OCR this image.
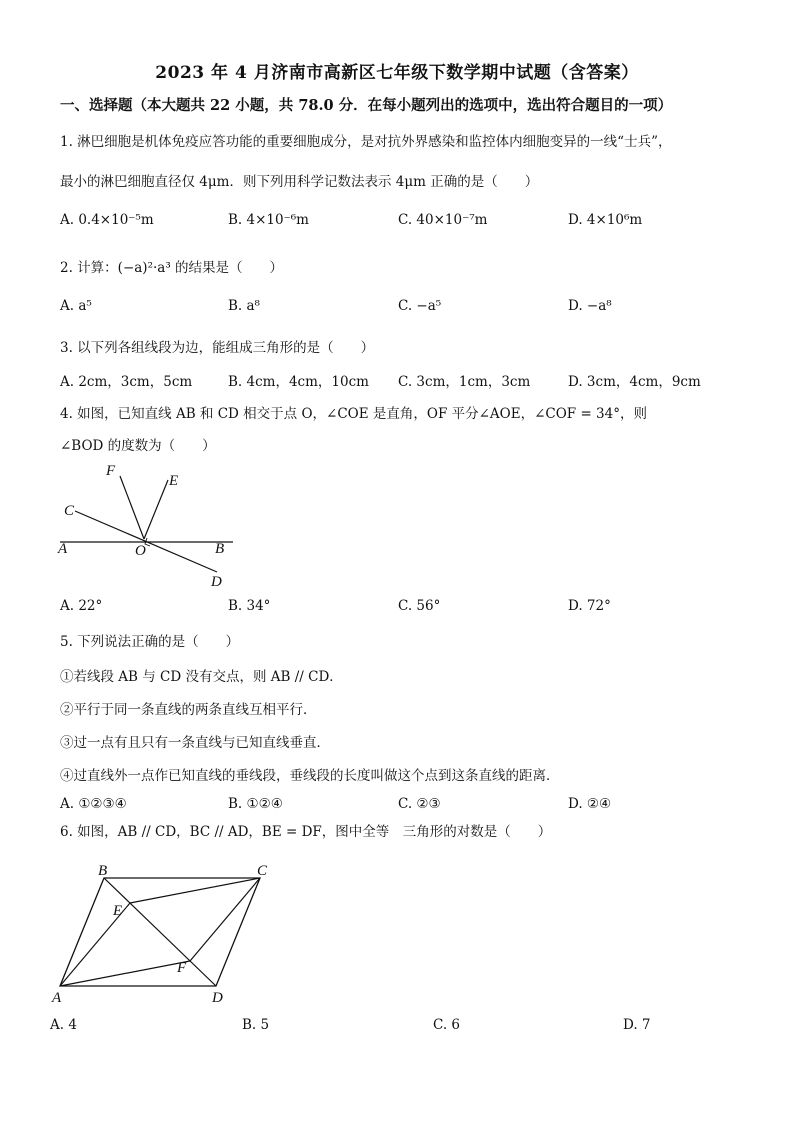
2023 年 4 月济南市高新区七年级下数学期中试题（含答案）
一、选择题（本大题共 22 小题，共 78.0 分．在每小题列出的选项中，选出符合题目的一项）
1. 淋巴细胞是机体免疫应答功能的重要细胞成分，是对抗外界感染和监控体内细胞变异的一线“士兵”，
最小的淋巴细胞直径仅 4μm．则下列用科学记数法表示 4μm 正确的是（　　）
A. 0.4×10⁻⁵m	B. 4×10⁻⁶m	C. 40×10⁻⁷m	D. 4×10⁶m
2. 计算：(−a)²·a³ 的结果是（　　）
A. a⁵	B. a⁸	C. −a⁵	D. −a⁸
3. 以下列各组线段为边，能组成三角形的是（　　）
A. 2cm，3cm，5cm	B. 4cm，4cm，10cm C. 3cm，1cm，3cm	D. 3cm，4cm，9cm
4. 如图，已知直线 AB 和 CD 相交于点 O，∠COE 是直角，OF 平分∠AOE，∠COF = 34°，则
∠BOD 的度数为（　　）
F
E
C
A	O	B
D
A. 22°	B. 34°	C. 56°	D. 72°
5. 下列说法正确的是（　　）
①若线段 AB 与 CD 没有交点，则 AB // CD．
②平行于同一条直线的两条直线互相平行．
③过一点有且只有一条直线与已知直线垂直．
④过直线外一点作已知直线的垂线段，垂线段的长度叫做这个点到这条直线的距离．
A. ①②③④	B. ①②④	C. ②③	D. ②④
6. 如图，AB // CD，BC // AD，BE = DF，图中全等　三角形的对数是（　　）
B	C
E
F
A	D
A. 4	B. 5	C. 6	D. 7
